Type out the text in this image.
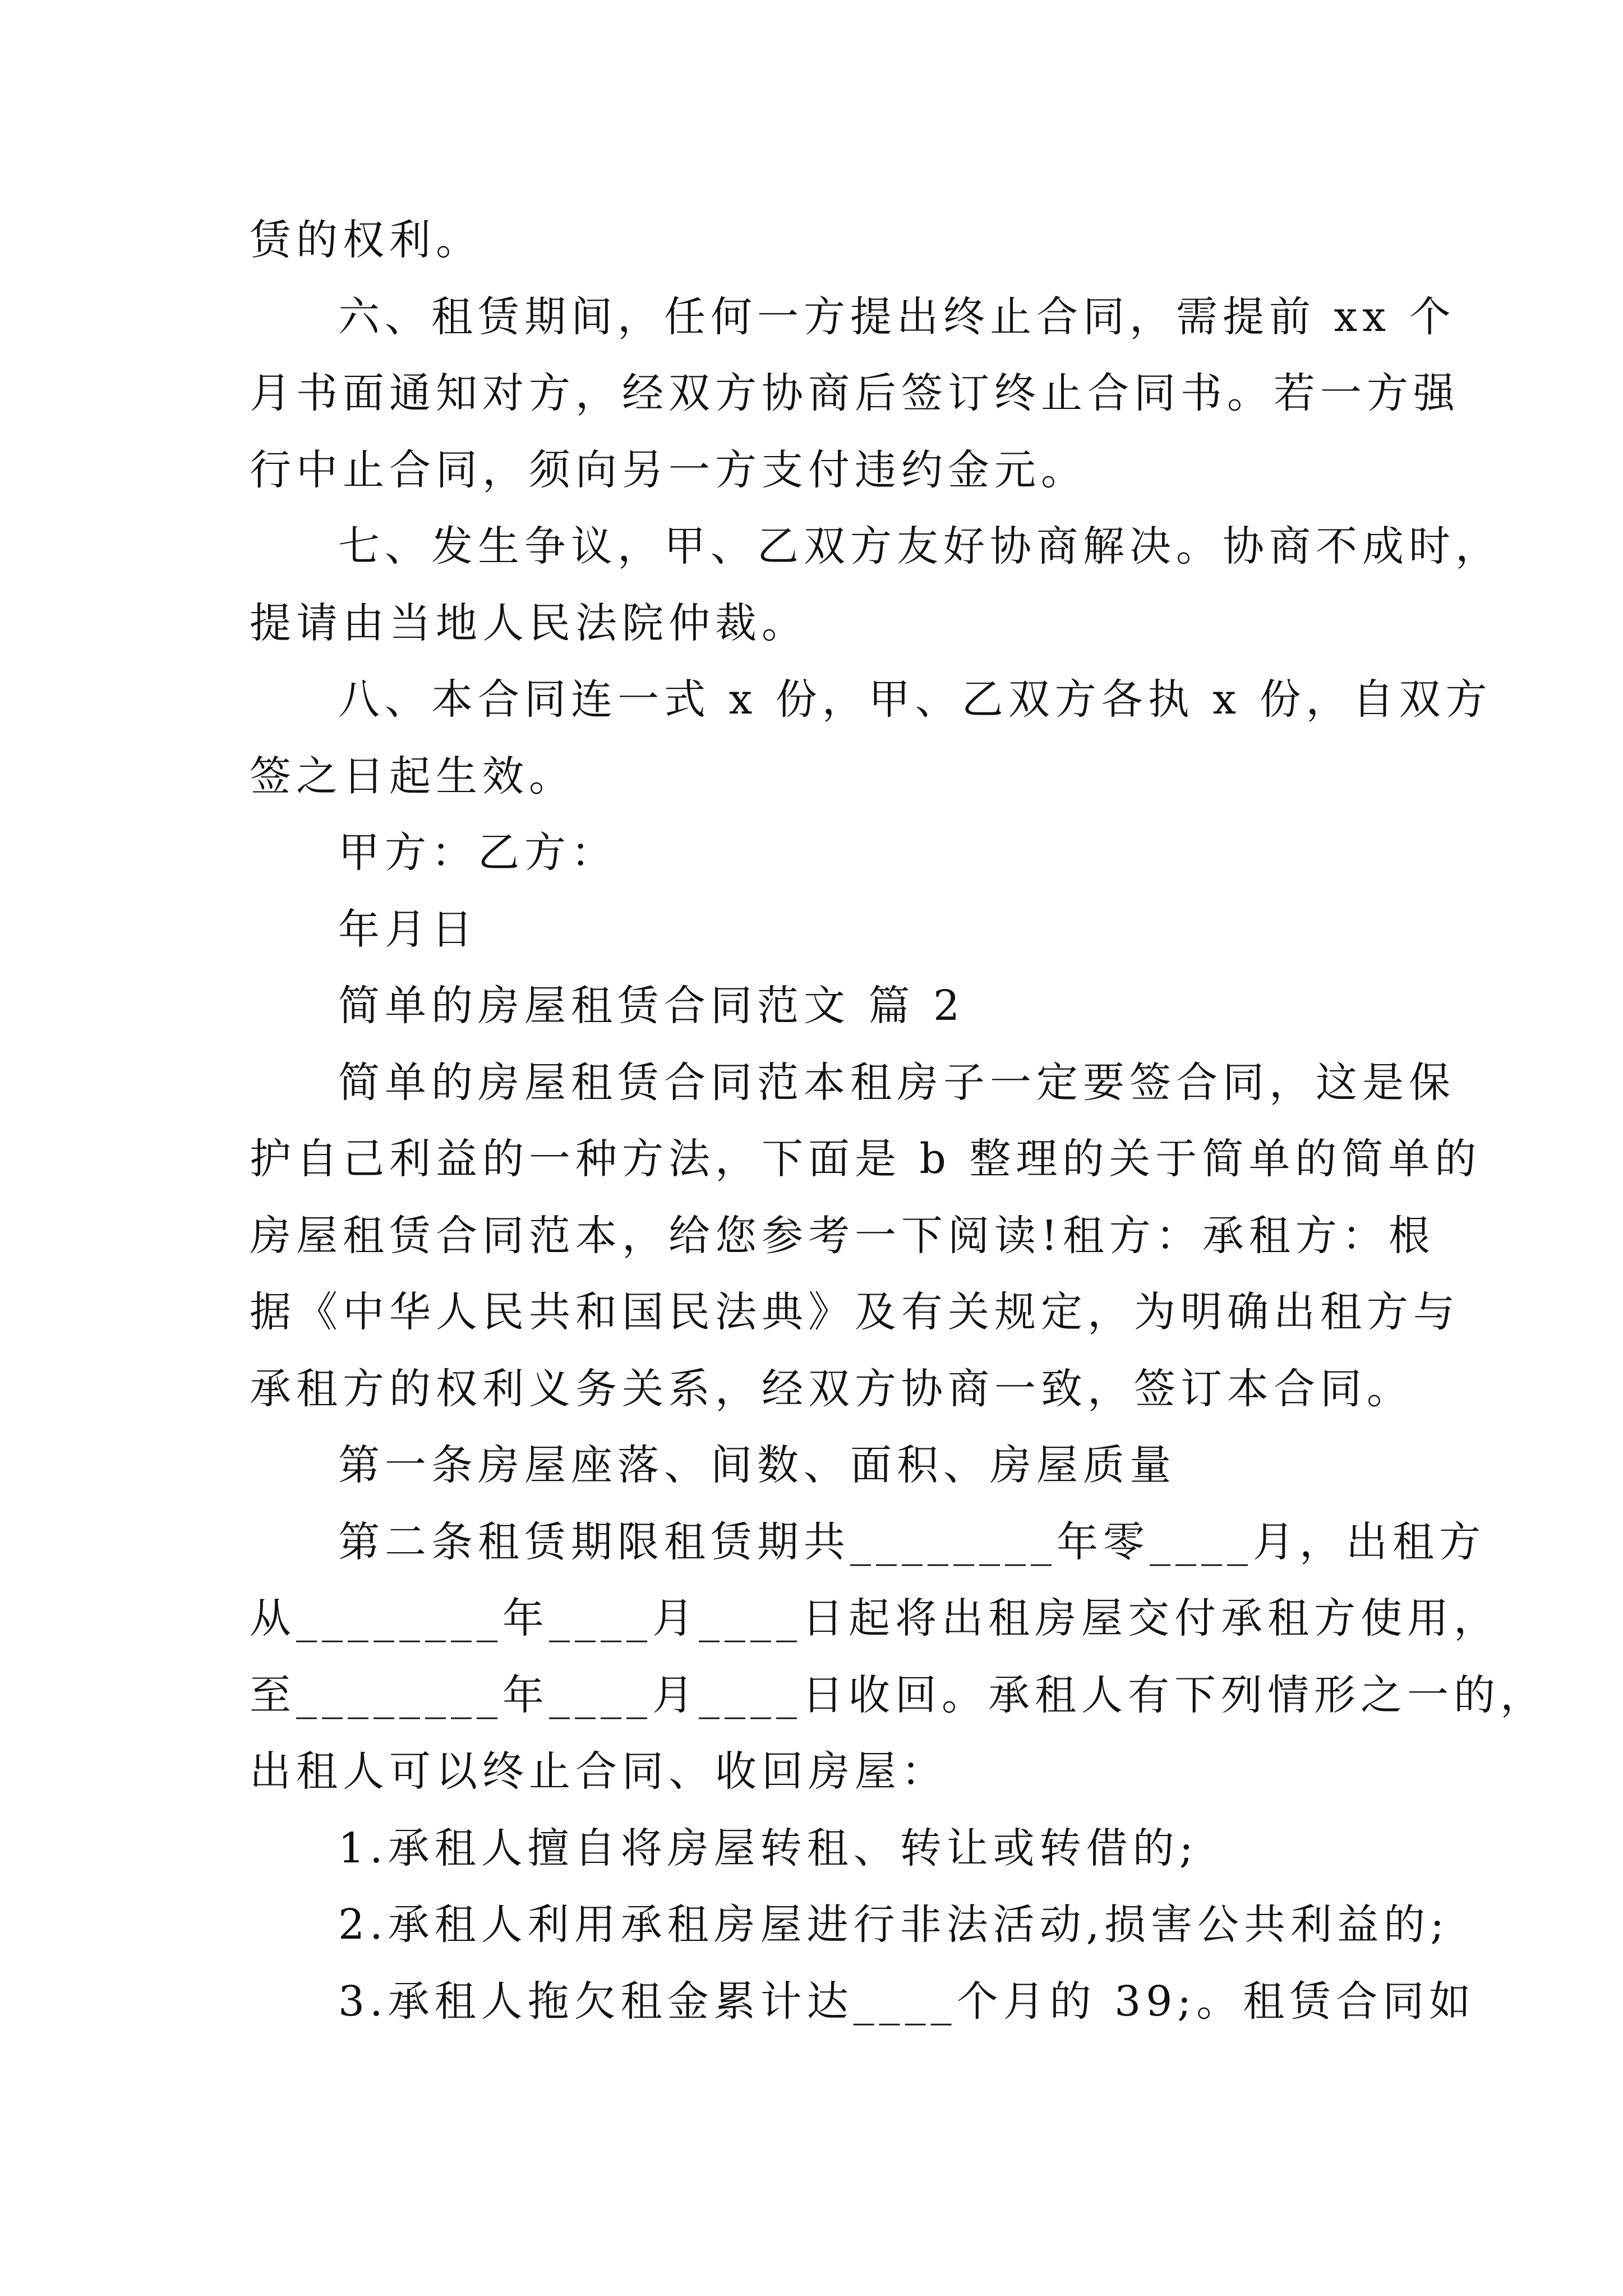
赁的权利。
六、租赁期间，任何一方提出终止合同，需提前 xx 个
月书面通知对方，经双方协商后签订终止合同书。若一方强
行中止合同，须向另一方支付违约金元。
七、发生争议，甲、乙双方友好协商解决。协商不成时，
提请由当地人民法院仲裁。
八、本合同连一式 x 份，甲、乙双方各执 x 份，自双方
签之日起生效。
甲方：乙方：
年月日
简单的房屋租赁合同范文 篇 2
简单的房屋租赁合同范本租房子一定要签合同，这是保
护自己利益的一种方法，下面是 b 整理的关于简单的简单的
房屋租赁合同范本，给您参考一下阅读!租方：承租方：根
据《中华人民共和国民法典》及有关规定，为明确出租方与
承租方的权利义务关系，经双方协商一致，签订本合同。
第一条房屋座落、间数、面积、房屋质量
第二条租赁期限租赁期共________年零____月，出租方
从________年____月____日起将出租房屋交付承租方使用，
至________年____月____日收回。承租人有下列情形之一的，
出租人可以终止合同、收回房屋：
1.承租人擅自将房屋转租、转让或转借的;
2.承租人利用承租房屋进行非法活动,损害公共利益的;
3.承租人拖欠租金累计达____个月的 39;。租赁合同如
